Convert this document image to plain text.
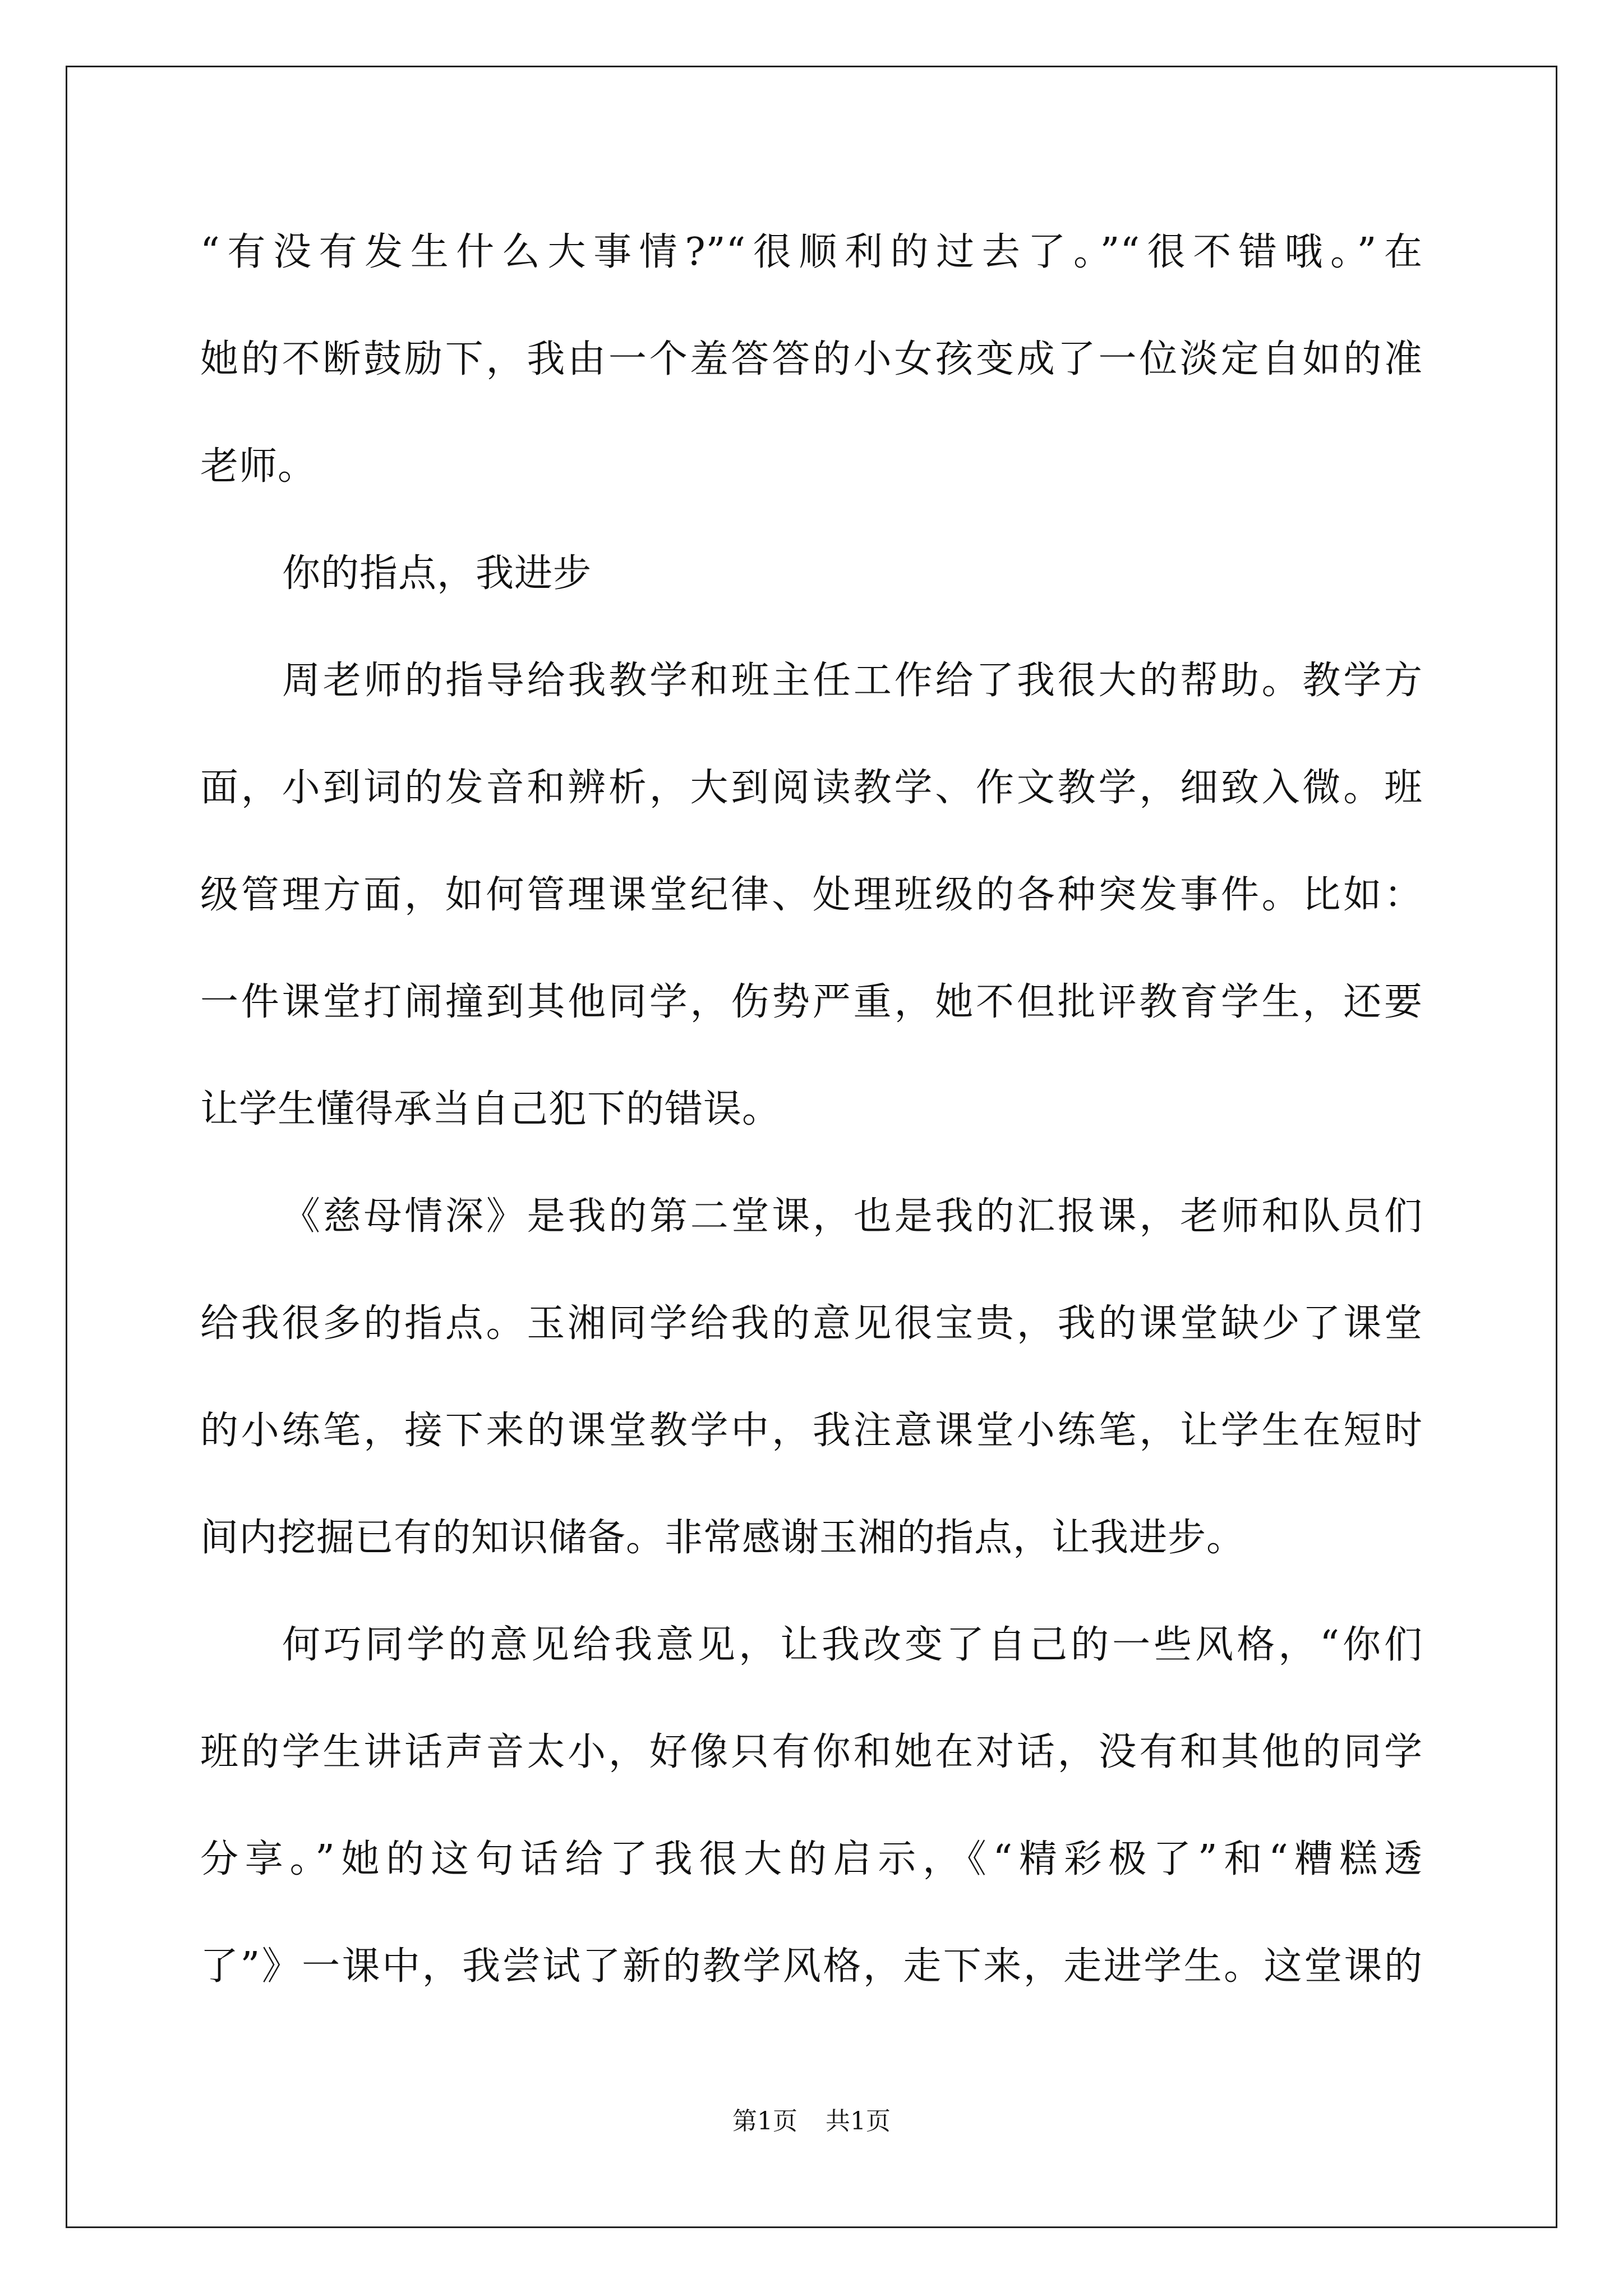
“有没有发生什么大事情?”“很顺利的过去了。”“很不错哦。”在
她的不断鼓励下，我由一个羞答答的小女孩变成了一位淡定自如的准
老师。
你的指点，我进步
周老师的指导给我教学和班主任工作给了我很大的帮助。教学方
面，小到词的发音和辨析，大到阅读教学、作文教学，细致入微。班
级管理方面，如何管理课堂纪律、处理班级的各种突发事件。比如：
一件课堂打闹撞到其他同学，伤势严重，她不但批评教育学生，还要
让学生懂得承当自己犯下的错误。
《慈母情深》是我的第二堂课，也是我的汇报课，老师和队员们
给我很多的指点。玉湘同学给我的意见很宝贵，我的课堂缺少了课堂
的小练笔，接下来的课堂教学中，我注意课堂小练笔，让学生在短时
间内挖掘已有的知识储备。非常感谢玉湘的指点，让我进步。
何巧同学的意见给我意见，让我改变了自己的一些风格，“你们
班的学生讲话声音太小，好像只有你和她在对话，没有和其他的同学
分享。”她的这句话给了我很大的启示，《“精彩极了”和“糟糕透
了”》一课中，我尝试了新的教学风格，走下来，走进学生。这堂课的
第1页 共1页
